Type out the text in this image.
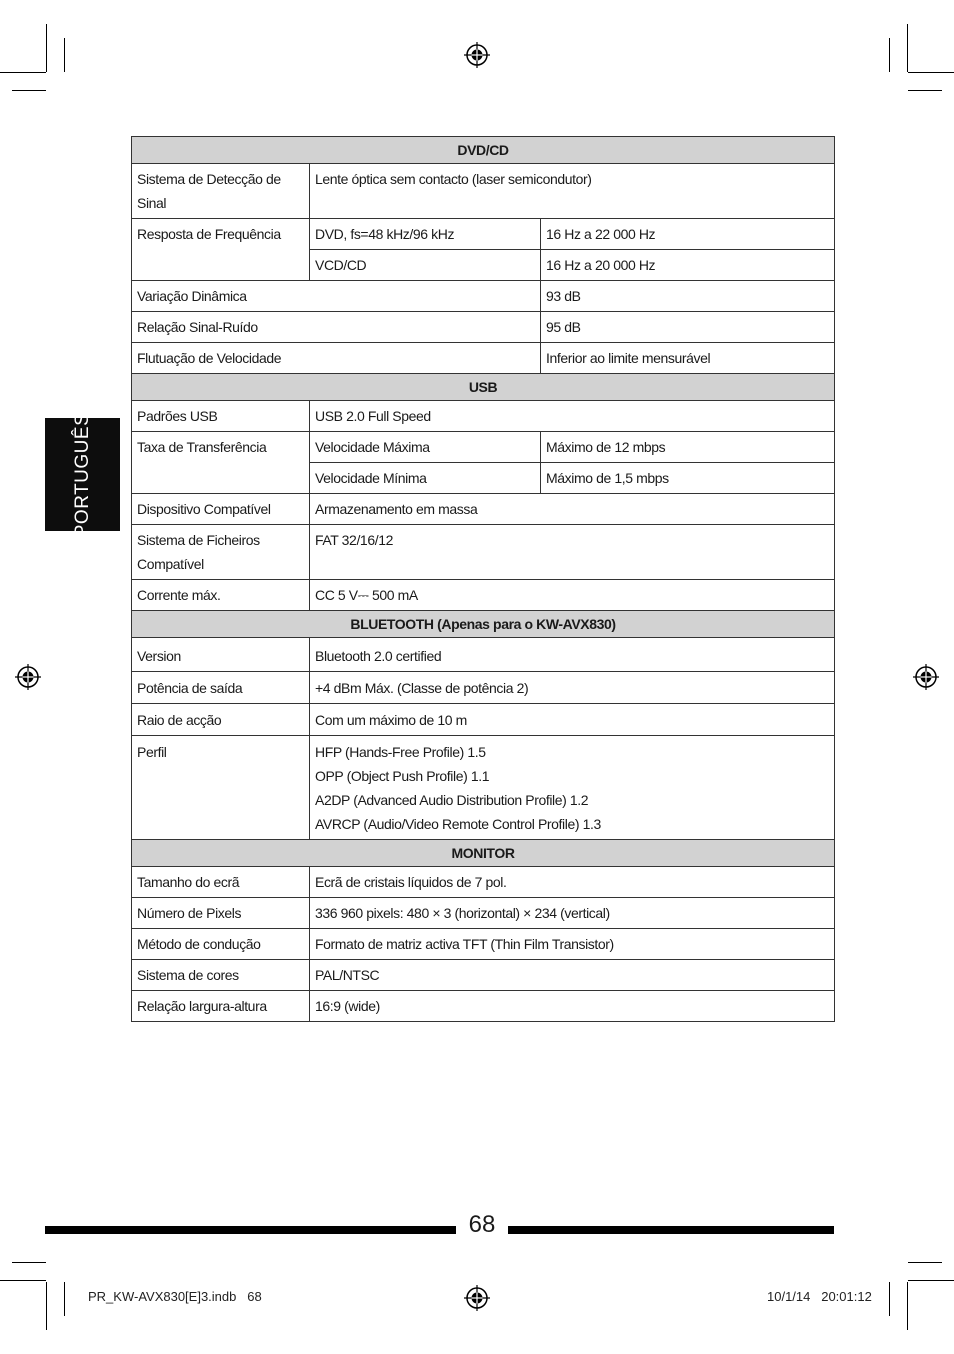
PORTUGUÊS
DVD/CD		
Sistema de Detecção de
Sinal	Lente óptica sem contacto (laser semicondutor)	
Resposta de Frequência	DVD, fs=48 kHz/96 kHz	16 Hz a 22 000 Hz
	VCD/CD	16 Hz a 20 000 Hz
Variação Dinâmica		93 dB
Relação Sinal-Ruído		95 dB
Flutuação de Velocidade		Inferior ao limite mensurável
USB		
Padrões USB	USB 2.0 Full Speed	
Taxa de Transferência	Velocidade Máxima	Máximo de 12 mbps
	Velocidade Mínima	Máximo de 1,5 mbps
Dispositivo Compatível	Armazenamento em massa	
Sistema de Ficheiros
Compatível	FAT 32/16/12	
Corrente máx.	CC 5 V⎓ 500 mA	
BLUETOOTH (Apenas para o KW-AVX830)		
Version	Bluetooth 2.0 certified	
Potência de saída	+4 dBm Máx. (Classe de potência 2)	
Raio de acção	Com um máximo de 10 m	
Perfil	HFP (Hands-Free Profile) 1.5
OPP (Object Push Profile) 1.1
A2DP (Advanced Audio Distribution Profile) 1.2
AVRCP (Audio/Video Remote Control Profile) 1.3	
MONITOR		
Tamanho do ecrã	Ecrã de cristais líquidos de 7 pol.	
Número de Pixels	336 960 pixels: 480 × 3 (horizontal) × 234 (vertical)	
Método de condução	Formato de matriz activa TFT (Thin Film Transistor)	
Sistema de cores	PAL/NTSC	
Relação largura-altura	16:9 (wide)	
68
PR_KW-AVX830[E]3.indb   68	10/1/14   20:01:12
